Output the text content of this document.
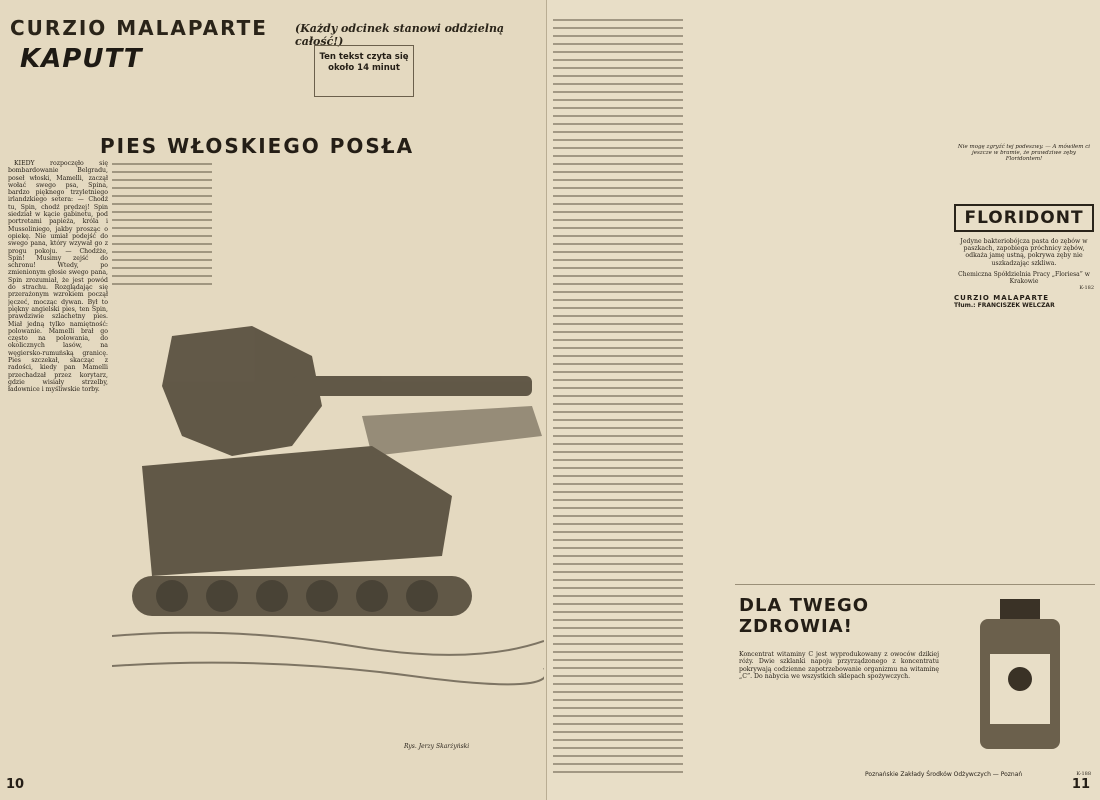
CURZIO MALAPARTE
KAPUTT
(Każdy odcinek stanowi oddzielną całość!)
Ten tekst czyta się około 14 minut
PIES WŁOSKIEGO POSŁA

KIEDY rozpoczęło się bombardowanie Belgradu, poseł włoski, Mamelli, zaczął wołać swego psa, Spina, bardzo pięknego trzyletniego irlandzkiego setera: — Chodź tu, Spin, chodź prędzej! Spin siedział w kącie gabinetu, pod portretami papieża, króla i Mussoliniego, jakby prosząc o opiekę. Nie umiał podejść do swego pana, który wzywał go z progu pokoju. — Chodźże, Spin! Musimy zejść do schronu! Wtedy, po zmienionym głosie swego pana, Spin zrozumiał, że jest powód do strachu. Rozglądając się przerażonym wzrokiem począł jęczeć, mocząc dywan. Był to piękny angielski pies, ten Spin, prawdziwie szlachetny pies. Miał jedną tylko namiętność: polowanie. Mamelli brał go często na polowania, do okolicznych lasów, na węgiersko-rumuńską granicę. Pies szczekał, skacząc z radości, kiedy pan Mamelli przechadzał przez korytarz, gdzie wisiały strzelby, ładownice i myśliwskie torby.

Rys. Jerzy Skarżyński
10
Nie mogę zgryźć tej podeszwy. — A mówiłem ci jeszcze w bramie, że prawdziwe zęby Floridontem!
FLORIDONT
Jedyne bakteriobójcza pasta do zębów w paszkach, zapobiega próchnicy zębów, odkaża jamę ustną, pokrywa zęby nie uszkadzając szkliwa.
Chemiczna Spółdzielnia Pracy „Floriesa” w Krakowie
K-182
CURZIO MALAPARTE
Tłum.: FRANCISZEK WELCZAR
DLA TWEGO ZDROWIA!
Koncentrat witaminy C jest wyprodukowany z owoców dzikiej róży. Dwie szklanki napoju przyrządzonego z koncentratu pokrywają codzienne zapotrzebowanie organizmu na witaminę „C”. Do nabycia we wszystkich sklepach spożywczych.
Poznańskie Zakłady Środków Odżywczych — Poznań	K-188
11
